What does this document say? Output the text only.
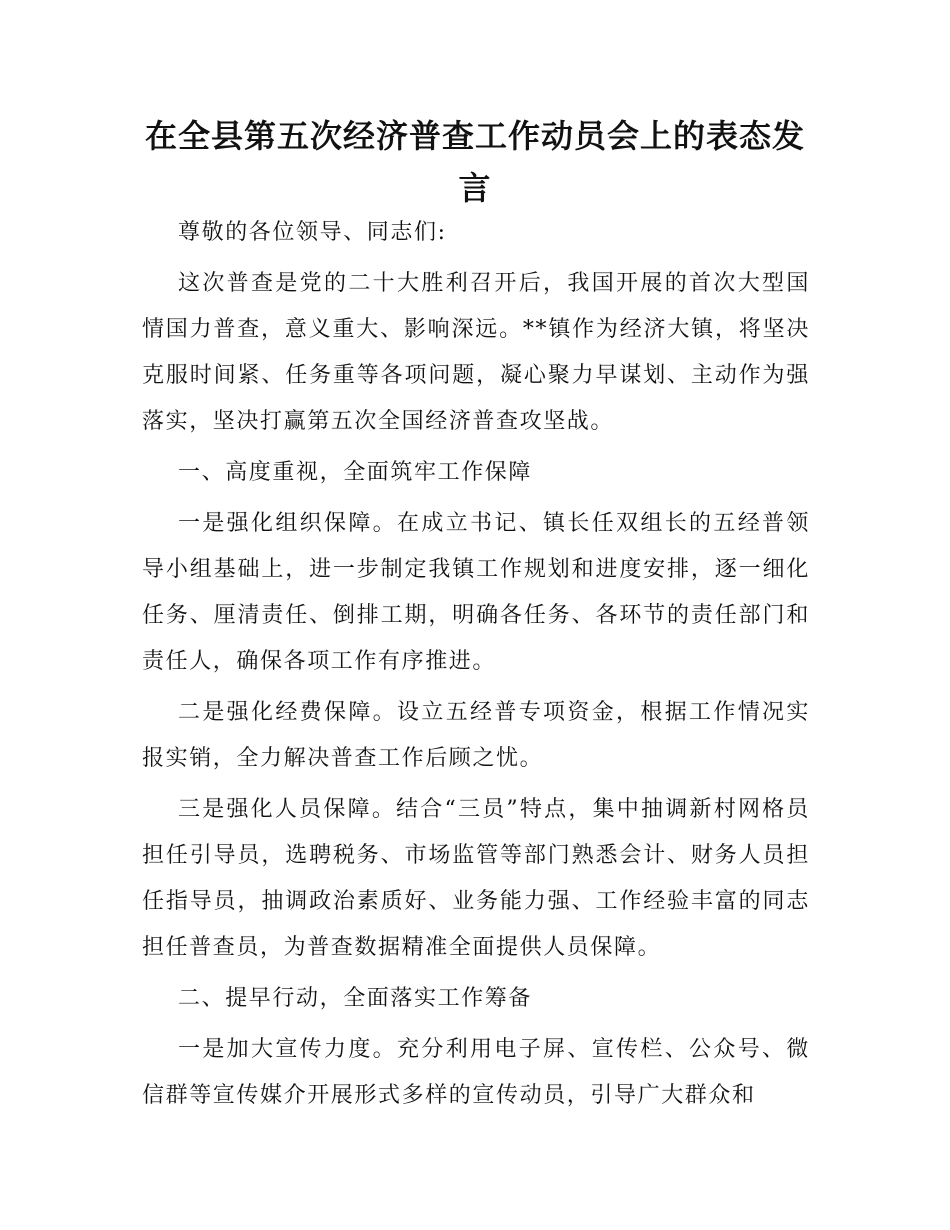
在全县第五次经济普查工作动员会上的表态发言

尊敬的各位领导、同志们:

这次普查是党的二十大胜利召开后，我国开展的首次大型国情国力普查，意义重大、影响深远。**镇作为经济大镇，将坚决克服时间紧、任务重等各项问题，凝心聚力早谋划、主动作为强落实，坚决打赢第五次全国经济普查攻坚战。

一、高度重视，全面筑牢工作保障

一是强化组织保障。在成立书记、镇长任双组长的五经普领导小组基础上，进一步制定我镇工作规划和进度安排，逐一细化任务、厘清责任、倒排工期，明确各任务、各环节的责任部门和责任人，确保各项工作有序推进。

二是强化经费保障。设立五经普专项资金，根据工作情况实报实销，全力解决普查工作后顾之忧。

三是强化人员保障。结合“三员”特点，集中抽调新村网格员担任引导员，选聘税务、市场监管等部门熟悉会计、财务人员担任指导员，抽调政治素质好、业务能力强、工作经验丰富的同志担任普查员，为普查数据精准全面提供人员保障。

二、提早行动，全面落实工作筹备

一是加大宣传力度。充分利用电子屏、宣传栏、公众号、微信群等宣传媒介开展形式多样的宣传动员，引导广大群众和
